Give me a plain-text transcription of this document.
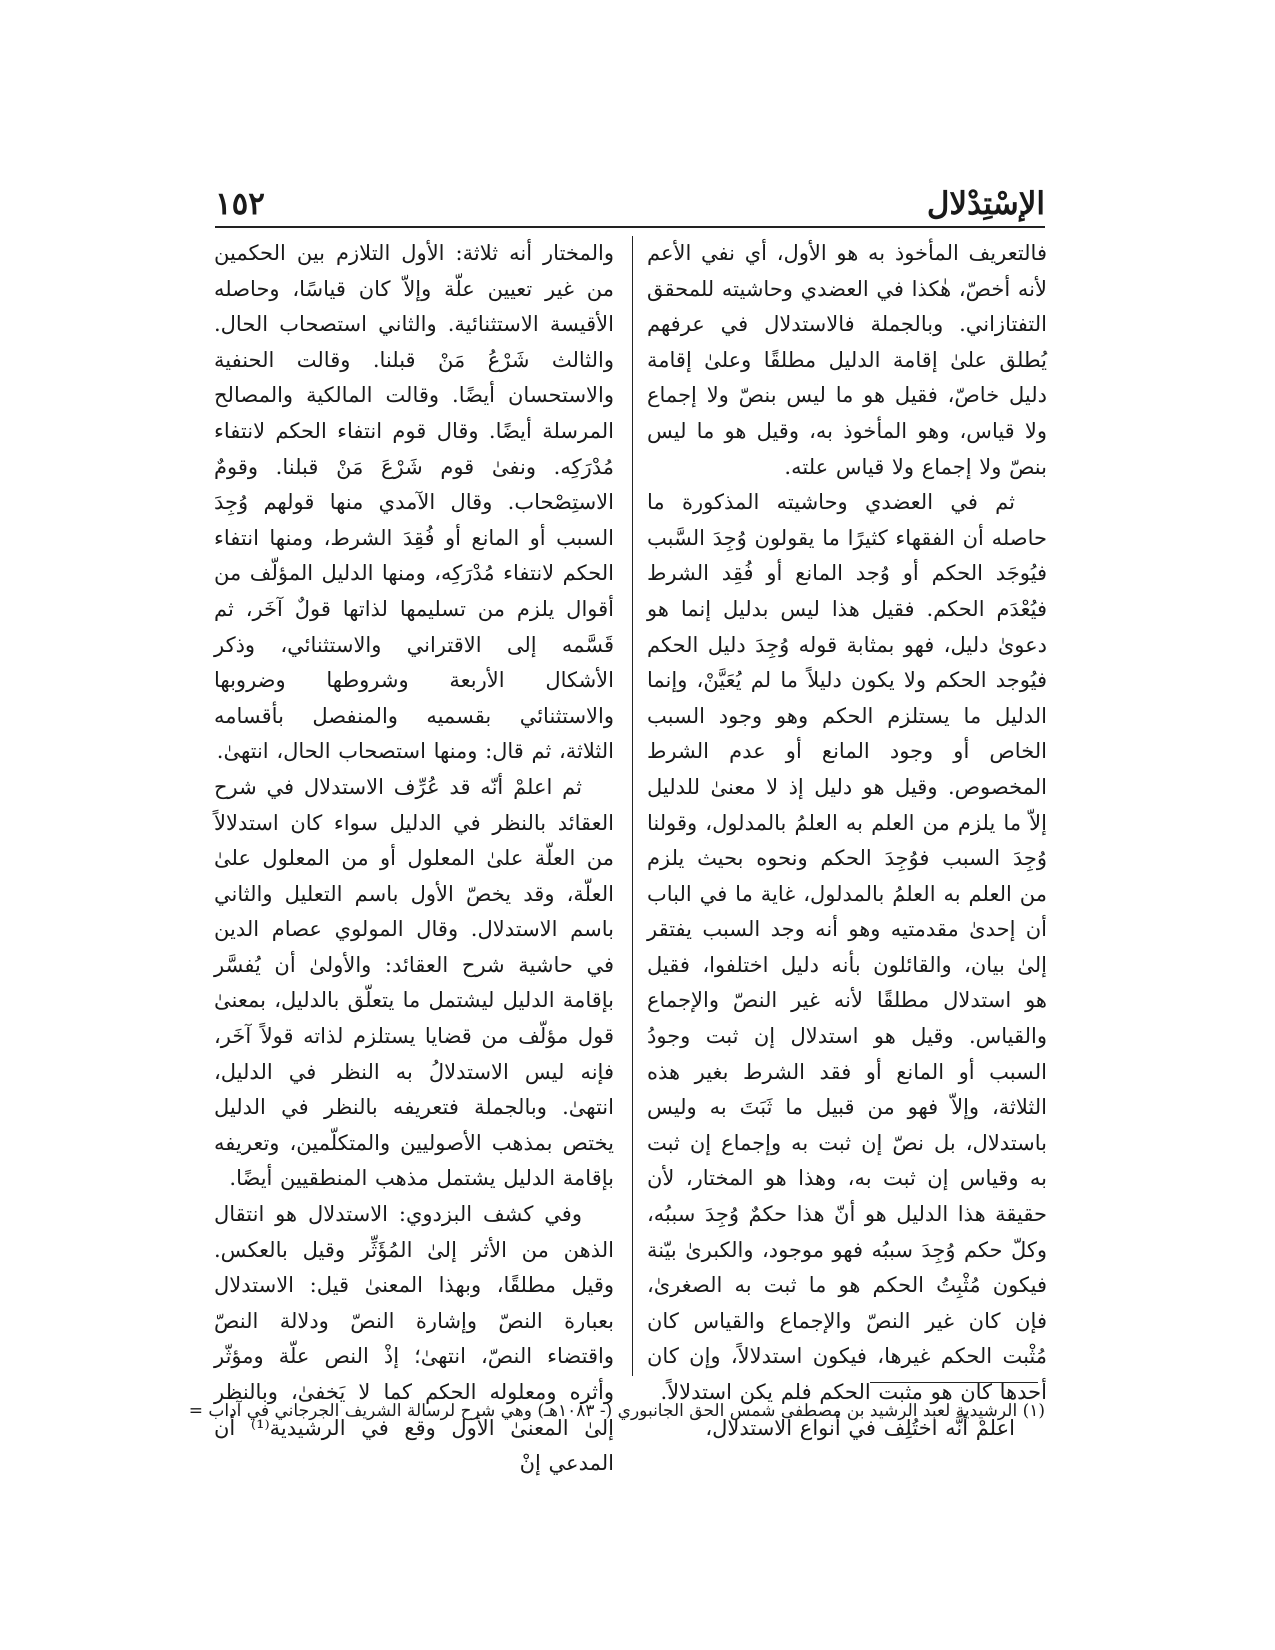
الإسْتِدْلال
١٥٢

فالتعريف المأخوذ به هو الأول، أي نفي الأعم لأنه أخصّ، هٰكذا في العضدي وحاشيته للمحقق التفتازاني. وبالجملة فالاستدلال في عرفهم يُطلق علىٰ إقامة الدليل مطلقًا وعلىٰ إقامة دليل خاصّ، فقيل هو ما ليس بنصّ ولا إجماع ولا قياس، وهو المأخوذ به، وقيل هو ما ليس بنصّ ولا إجماع ولا قياس علته.

ثم في العضدي وحاشيته المذكورة ما حاصله أن الفقهاء كثيرًا ما يقولون وُجِدَ السَّبب فيُوجَد الحكم أو وُجد المانع أو فُقِد الشرط فيُعْدَم الحكم. فقيل هذا ليس بدليل إنما هو دعوىٰ دليل، فهو بمثابة قوله وُجِدَ دليل الحكم فيُوجد الحكم ولا يكون دليلاً ما لم يُعَيَّنْ، وإنما الدليل ما يستلزم الحكم وهو وجود السبب الخاص أو وجود المانع أو عدم الشرط المخصوص. وقيل هو دليل إذ لا معنىٰ للدليل إلاّ ما يلزم من العلم به العلمُ بالمدلول، وقولنا وُجِدَ السبب فوُجِدَ الحكم ونحوه بحيث يلزم من العلم به العلمُ بالمدلول، غاية ما في الباب أن إحدىٰ مقدمتيه وهو أنه وجد السبب يفتقر إلىٰ بيان، والقائلون بأنه دليل اختلفوا، فقيل هو استدلال مطلقًا لأنه غير النصّ والإجماع والقياس. وقيل هو استدلال إن ثبت وجودُ السبب أو المانع أو فقد الشرط بغير هذه الثلاثة، وإلاّ فهو من قبيل ما ثَبَتَ به وليس باستدلال، بل نصّ إن ثبت به وإجماع إن ثبت به وقياس إن ثبت به، وهذا هو المختار، لأن حقيقة هذا الدليل هو أنّ هذا حكمٌ وُجِدَ سببُه، وكلّ حكم وُجِدَ سببُه فهو موجود، والكبرىٰ بيّنة فيكون مُثْبِتُ الحكم هو ما ثبت به الصغرىٰ، فإن كان غير النصّ والإجماع والقياس كان مُثْبت الحكم غيرها، فيكون استدلالاً، وإن كان أحدها كان هو مثبت الحكم فلم يكن استدلالاً.

اعلمْ أنَّه اختُلِف في أنواع الاستدلال،

والمختار أنه ثلاثة: الأول التلازم بين الحكمين من غير تعيين علّة وإلاّ كان قياسًا، وحاصله الأقيسة الاستثنائية. والثاني استصحاب الحال. والثالث شَرْعُ مَنْ قبلنا. وقالت الحنفية والاستحسان أيضًا. وقالت المالكية والمصالح المرسلة أيضًا. وقال قوم انتفاء الحكم لانتفاء مُدْرَكِه. ونفىٰ قوم شَرْعَ مَنْ قبلنا. وقومٌ الاستِصْحاب. وقال الآمدي منها قولهم وُجِدَ السبب أو المانع أو فُقِدَ الشرط، ومنها انتفاء الحكم لانتفاء مُدْرَكِه، ومنها الدليل المؤلّف من أقوال يلزم من تسليمها لذاتها قولٌ آخَر، ثم قَسَّمه إلى الاقتراني والاستثنائي، وذكر الأشكال الأربعة وشروطها وضروبها والاستثنائي بقسميه والمنفصل بأقسامه الثلاثة، ثم قال: ومنها استصحاب الحال، انتهىٰ.

ثم اعلمْ أنّه قد عُرِّف الاستدلال في شرح العقائد بالنظر في الدليل سواء كان استدلالاً من العلّة علىٰ المعلول أو من المعلول علىٰ العلّة، وقد يخصّ الأول باسم التعليل والثاني باسم الاستدلال. وقال المولوي عصام الدين في حاشية شرح العقائد: والأولىٰ أن يُفسَّر بإقامة الدليل ليشتمل ما يتعلّق بالدليل، بمعنىٰ قول مؤلّف من قضايا يستلزم لذاته قولاً آخَر، فإنه ليس الاستدلالُ به النظر في الدليل، انتهىٰ. وبالجملة فتعريفه بالنظر في الدليل يختص بمذهب الأصوليين والمتكلّمين، وتعريفه بإقامة الدليل يشتمل مذهب المنطقيين أيضًا.

وفي كشف البزدوي: الاستدلال هو انتقال الذهن من الأثر إلىٰ المُؤَثِّر وقيل بالعكس. وقيل مطلقًا، وبهذا المعنىٰ قيل: الاستدلال بعبارة النصّ وإشارة النصّ ودلالة النصّ واقتضاء النصّ، انتهىٰ؛ إذْ النص علّة ومؤثّر وأثره ومعلوله الحكم كما لا يَخفىٰ، وبالنظر إلىٰ المعنىٰ الأول وقع في الرشيدية⁽¹⁾ أن المدعي إنْ

(١) الرشيدية لعبد الرشيد بن مصطفى شمس الحق الجانبوري (- ١٠٨٣هـ) وهي شرح لرسالة الشريف الجرجاني في آداب =
